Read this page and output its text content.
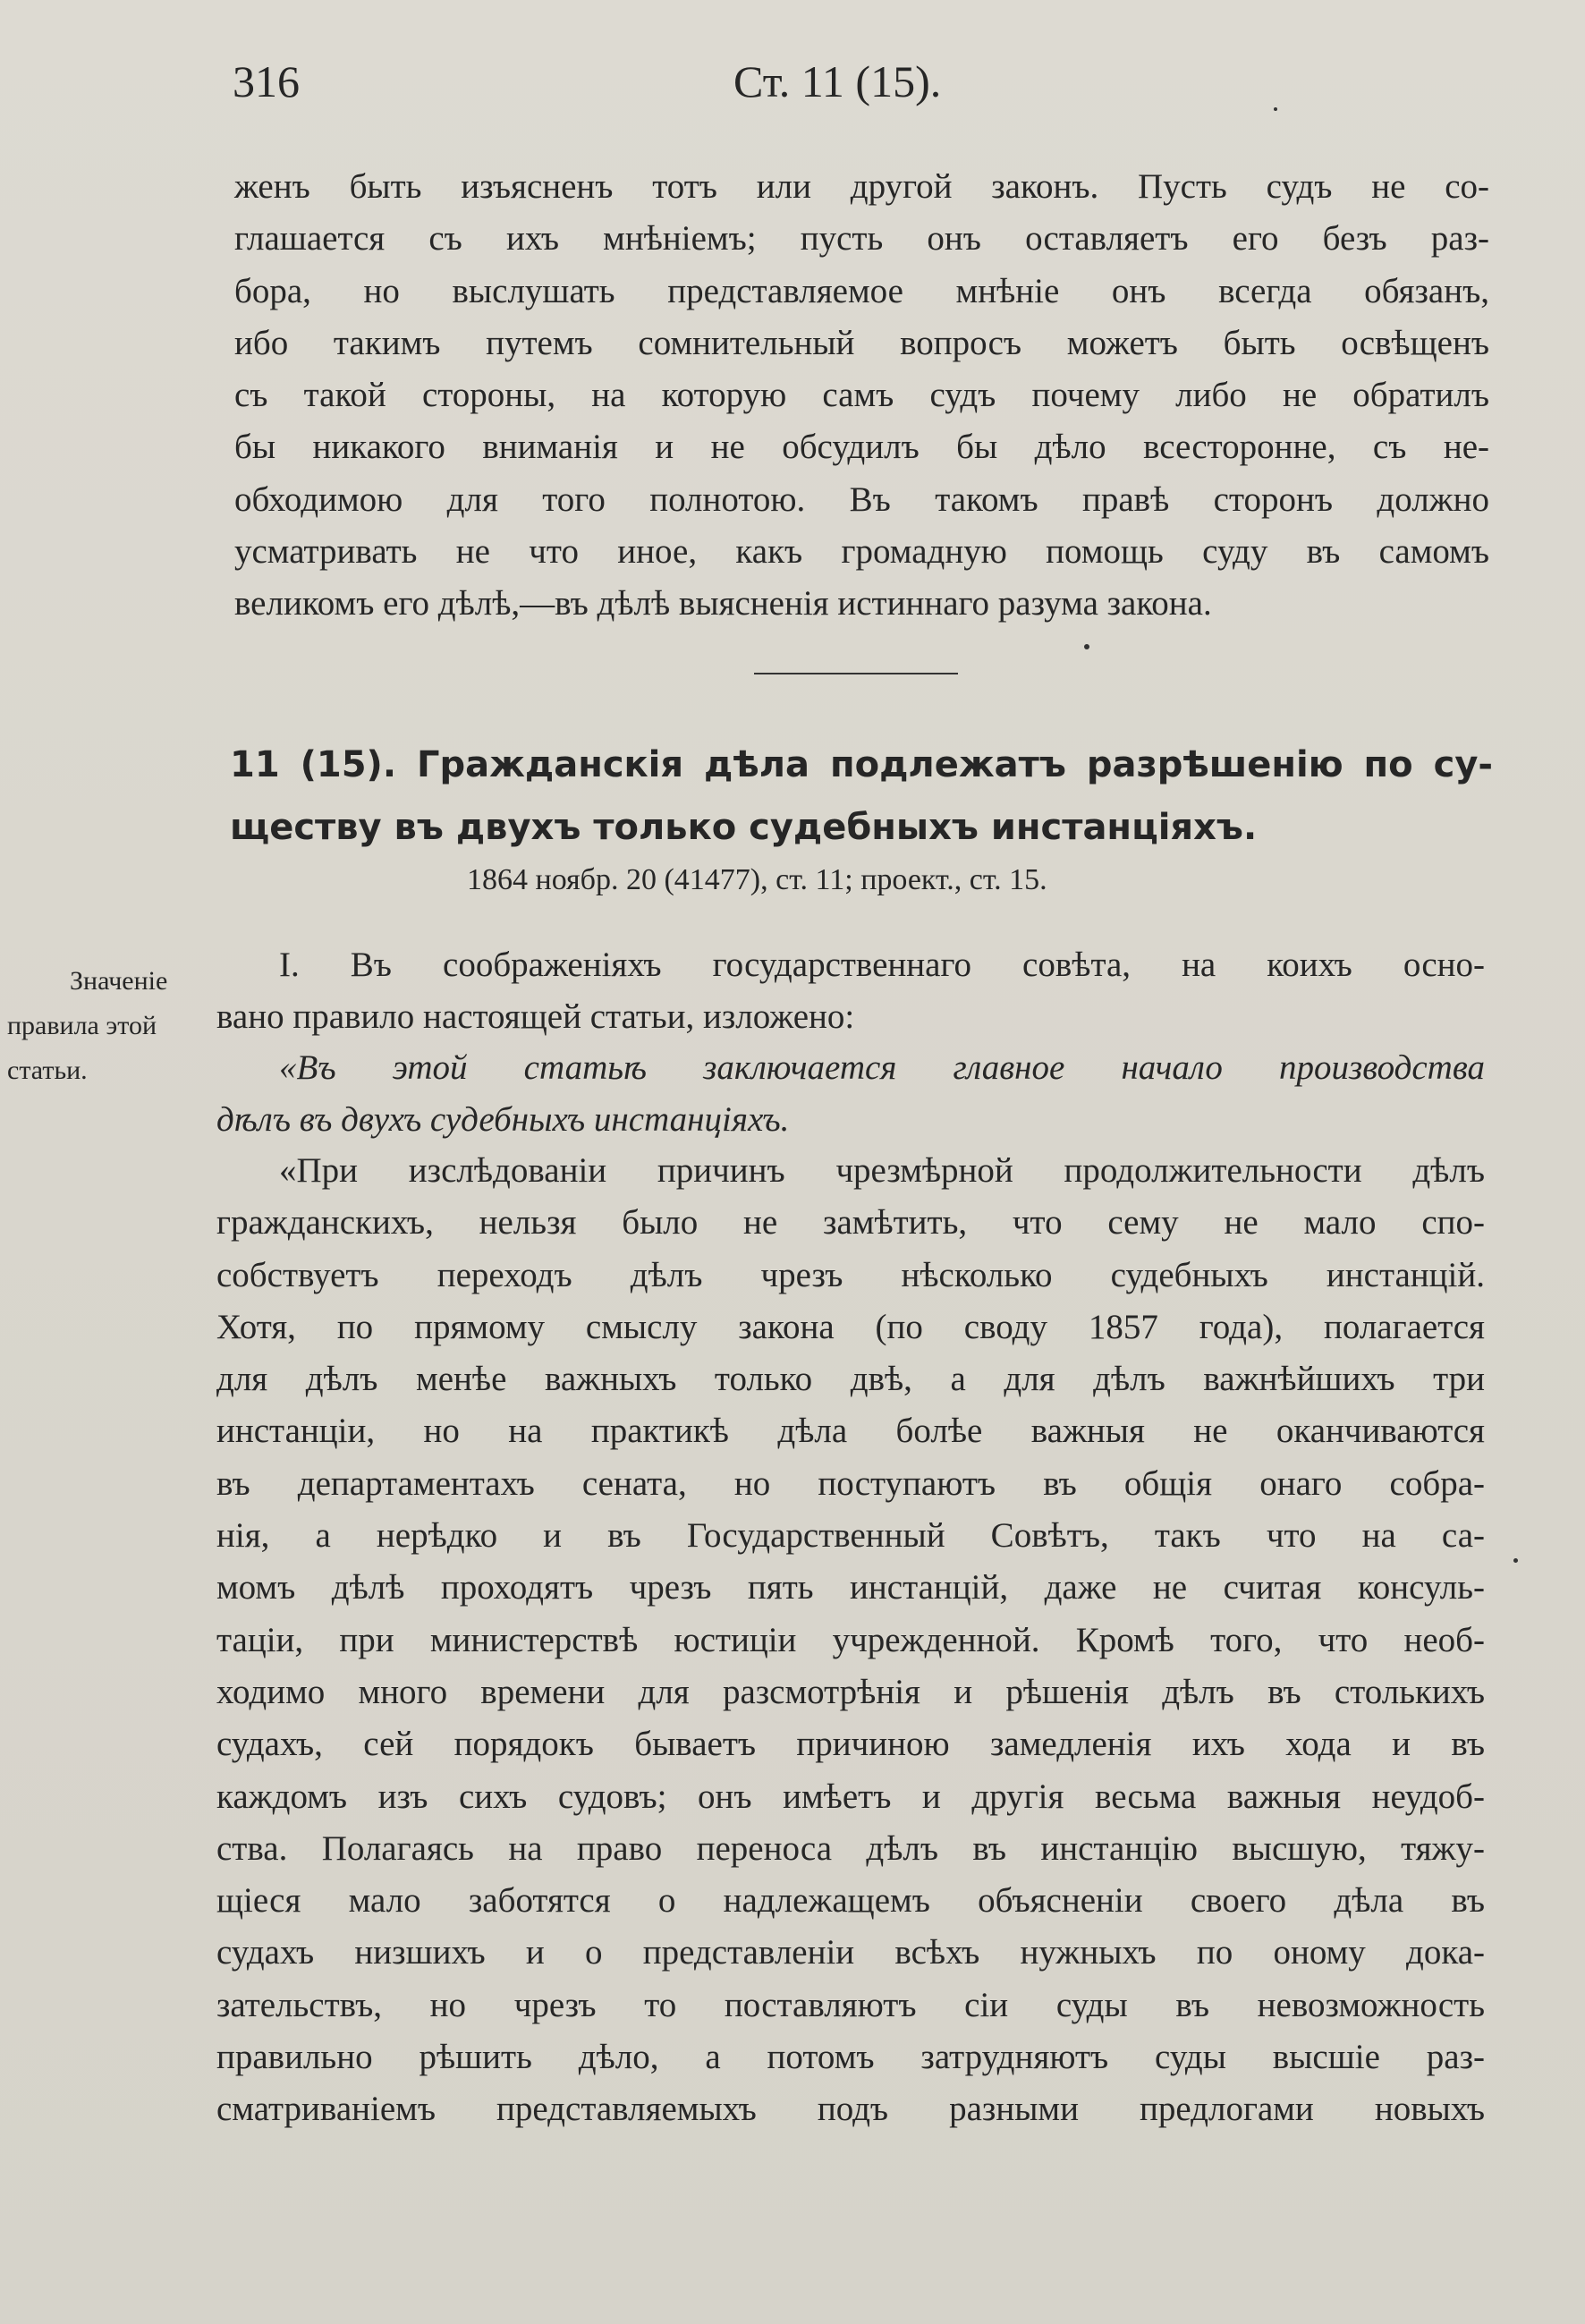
316	Ст. 11 (15).
женъ быть изъясненъ тотъ или другой законъ. Пусть судъ не со-
глашается съ ихъ мнѣніемъ; пусть онъ оставляетъ его безъ раз-
бора, но выслушать представляемое мнѣніе онъ всегда обязанъ,
ибо такимъ путемъ сомнительный вопросъ можетъ быть освѣщенъ
съ такой стороны, на которую самъ судъ почему либо не обратилъ
бы никакого вниманія и не обсудилъ бы дѣло всесторонне, съ не-
обходимою для того полнотою. Въ такомъ правѣ сторонъ должно
усматривать не что иное, какъ громадную помощь суду въ самомъ
великомъ его дѣлѣ,—въ дѣлѣ выясненія истиннаго разума закона.
11 (15). Гражданскія дѣла подлежатъ разрѣшенію по су-
ществу въ двухъ только судебныхъ инстанціяхъ.
1864 ноябр. 20 (41477), ст. 11; проект., ст. 15.
Значеніе
правила этой
статьи.
I. Въ соображеніяхъ государственнаго совѣта, на коихъ осно-
вано правило настоящей статьи, изложено:
«Въ этой статьѣ заключается главное начало производства
дѣлъ въ двухъ судебныхъ инстанціяхъ.
«При изслѣдованіи причинъ чрезмѣрной продолжительности дѣлъ
гражданскихъ, нельзя было не замѣтить, что сему не мало спо-
собствуетъ переходъ дѣлъ чрезъ нѣсколько судебныхъ инстанцій.
Хотя, по прямому смыслу закона (по своду 1857 года), полагается
для дѣлъ менѣе важныхъ только двѣ, а для дѣлъ важнѣйшихъ три
инстанціи, но на практикѣ дѣла болѣе важныя не оканчиваются
въ департаментахъ сената, но поступаютъ въ общія онаго собра-
нія, а нерѣдко и въ Государственный Совѣтъ, такъ что на са-
момъ дѣлѣ проходятъ чрезъ пять инстанцій, даже не считая консуль-
таціи, при министерствѣ юстиціи учрежденной. Кромѣ того, что необ-
ходимо много времени для разсмотрѣнія и рѣшенія дѣлъ въ столькихъ
судахъ, сей порядокъ бываетъ причиною замедленія ихъ хода и въ
каждомъ изъ сихъ судовъ; онъ имѣетъ и другія весьма важныя неудоб-
ства. Полагаясь на право переноса дѣлъ въ инстанцію высшую, тяжу-
щіеся мало заботятся о надлежащемъ объясненіи своего дѣла въ
судахъ низшихъ и о представленіи всѣхъ нужныхъ по оному дока-
зательствъ, но чрезъ то поставляютъ сіи суды въ невозможность
правильно рѣшить дѣло, а потомъ затрудняютъ суды высшіе раз-
сматриваніемъ представляемыхъ подъ разными предлогами новыхъ
